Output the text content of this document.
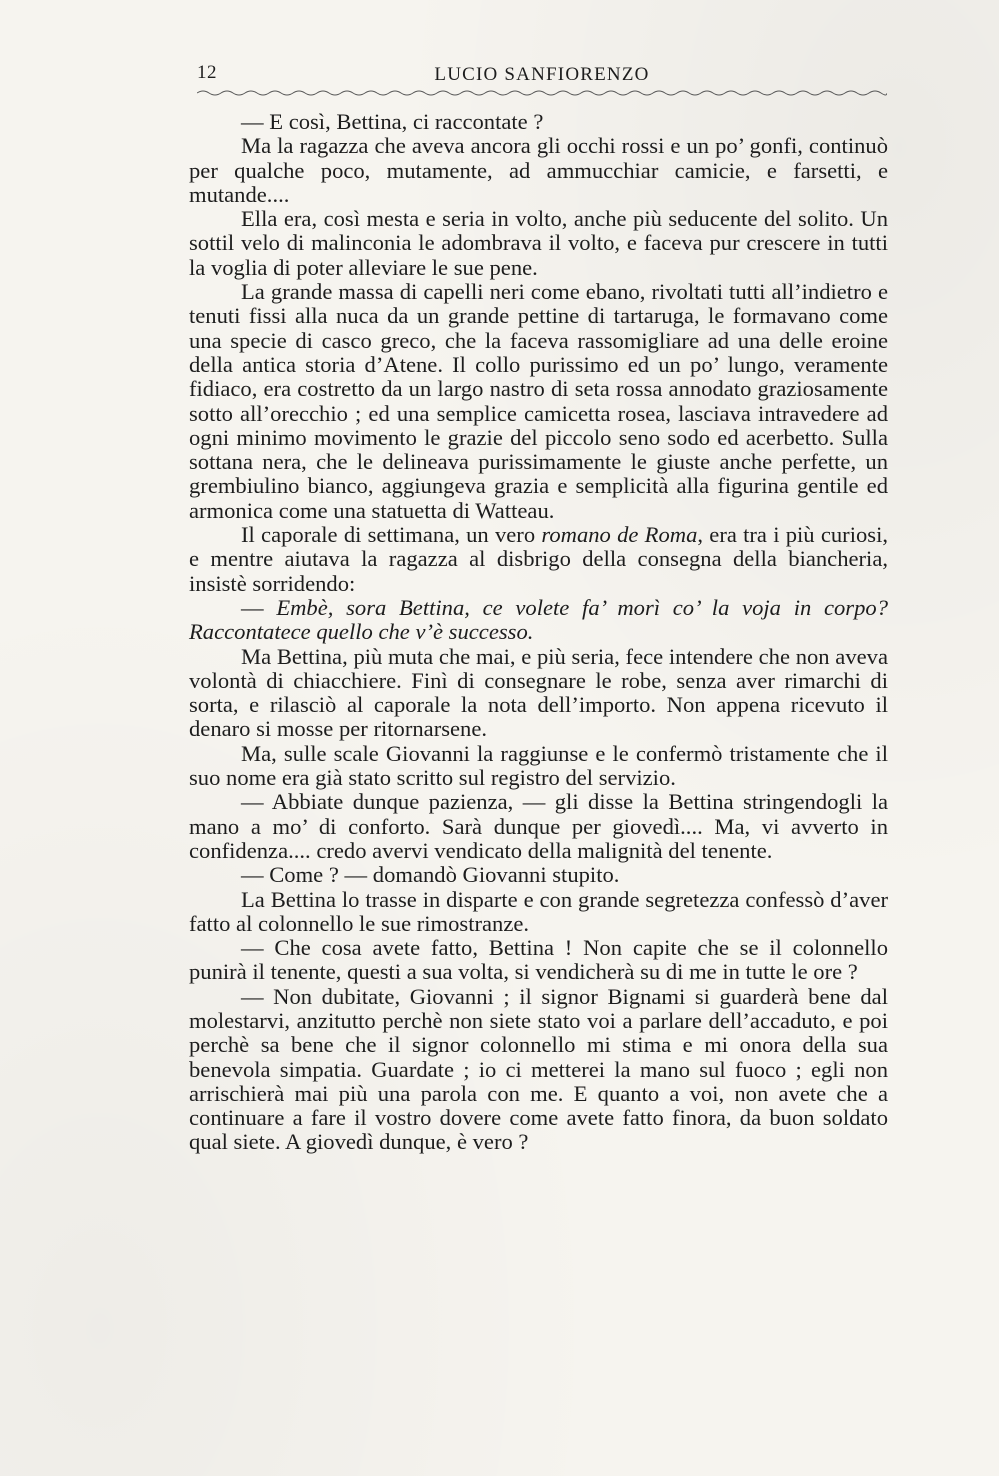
12	LUCIO SANFIORENZO

— E così, Bettina, ci raccontate ?

Ma la ragazza che aveva ancora gli occhi rossi e un po’ gonfi, continuò per qualche poco, mutamente, ad ammucchiar camicie, e farsetti, e mutande....

Ella era, così mesta e seria in volto, anche più seducente del solito. Un sottil velo di malinconia le adombrava il volto, e faceva pur crescere in tutti la voglia di poter alleviare le sue pene.

La grande massa di capelli neri come ebano, rivoltati tutti all’indietro e tenuti fissi alla nuca da un grande pettine di tartaruga, le formavano come una specie di casco greco, che la faceva rassomigliare ad una delle eroine della antica storia d’Atene. Il collo purissimo ed un po’ lungo, veramente fidiaco, era costretto da un largo nastro di seta rossa annodato graziosamente sotto all’orecchio ; ed una semplice camicetta rosea, lasciava intravedere ad ogni minimo movimento le grazie del piccolo seno sodo ed acerbetto. Sulla sottana nera, che le delineava purissimamente le giuste anche perfette, un grembiulino bianco, aggiungeva grazia e semplicità alla figurina gentile ed armonica come una statuetta di Watteau.

Il caporale di settimana, un vero romano de Roma, era tra i più curiosi, e mentre aiutava la ragazza al disbrigo della consegna della biancheria, insistè sorridendo:

— Embè, sora Bettina, ce volete fa’ morì co’ la voja in corpo? Raccontatece quello che v’è successo.

Ma Bettina, più muta che mai, e più seria, fece intendere che non aveva volontà di chiacchiere. Finì di consegnare le robe, senza aver rimarchi di sorta, e rilasciò al caporale la nota dell’importo. Non appena ricevuto il denaro si mosse per ritornarsene.

Ma, sulle scale Giovanni la raggiunse e le confermò tristamente che il suo nome era già stato scritto sul registro del servizio.

— Abbiate dunque pazienza, — gli disse la Bettina stringendogli la mano a mo’ di conforto. Sarà dunque per giovedì.... Ma, vi avverto in confidenza.... credo avervi vendicato della malignità del tenente.

— Come ? — domandò Giovanni stupito.

La Bettina lo trasse in disparte e con grande segretezza confessò d’aver fatto al colonnello le sue rimostranze.

— Che cosa avete fatto, Bettina ! Non capite che se il colonnello punirà il tenente, questi a sua volta, si vendicherà su di me in tutte le ore ?

— Non dubitate, Giovanni ; il signor Bignami si guarderà bene dal molestarvi, anzitutto perchè non siete stato voi a parlare dell’accaduto, e poi perchè sa bene che il signor colonnello mi stima e mi onora della sua benevola simpatia. Guardate ; io ci metterei la mano sul fuoco ; egli non arrischierà mai più una parola con me. E quanto a voi, non avete che a continuare a fare il vostro dovere come avete fatto finora, da buon soldato qual siete. A giovedì dunque, è vero ?
